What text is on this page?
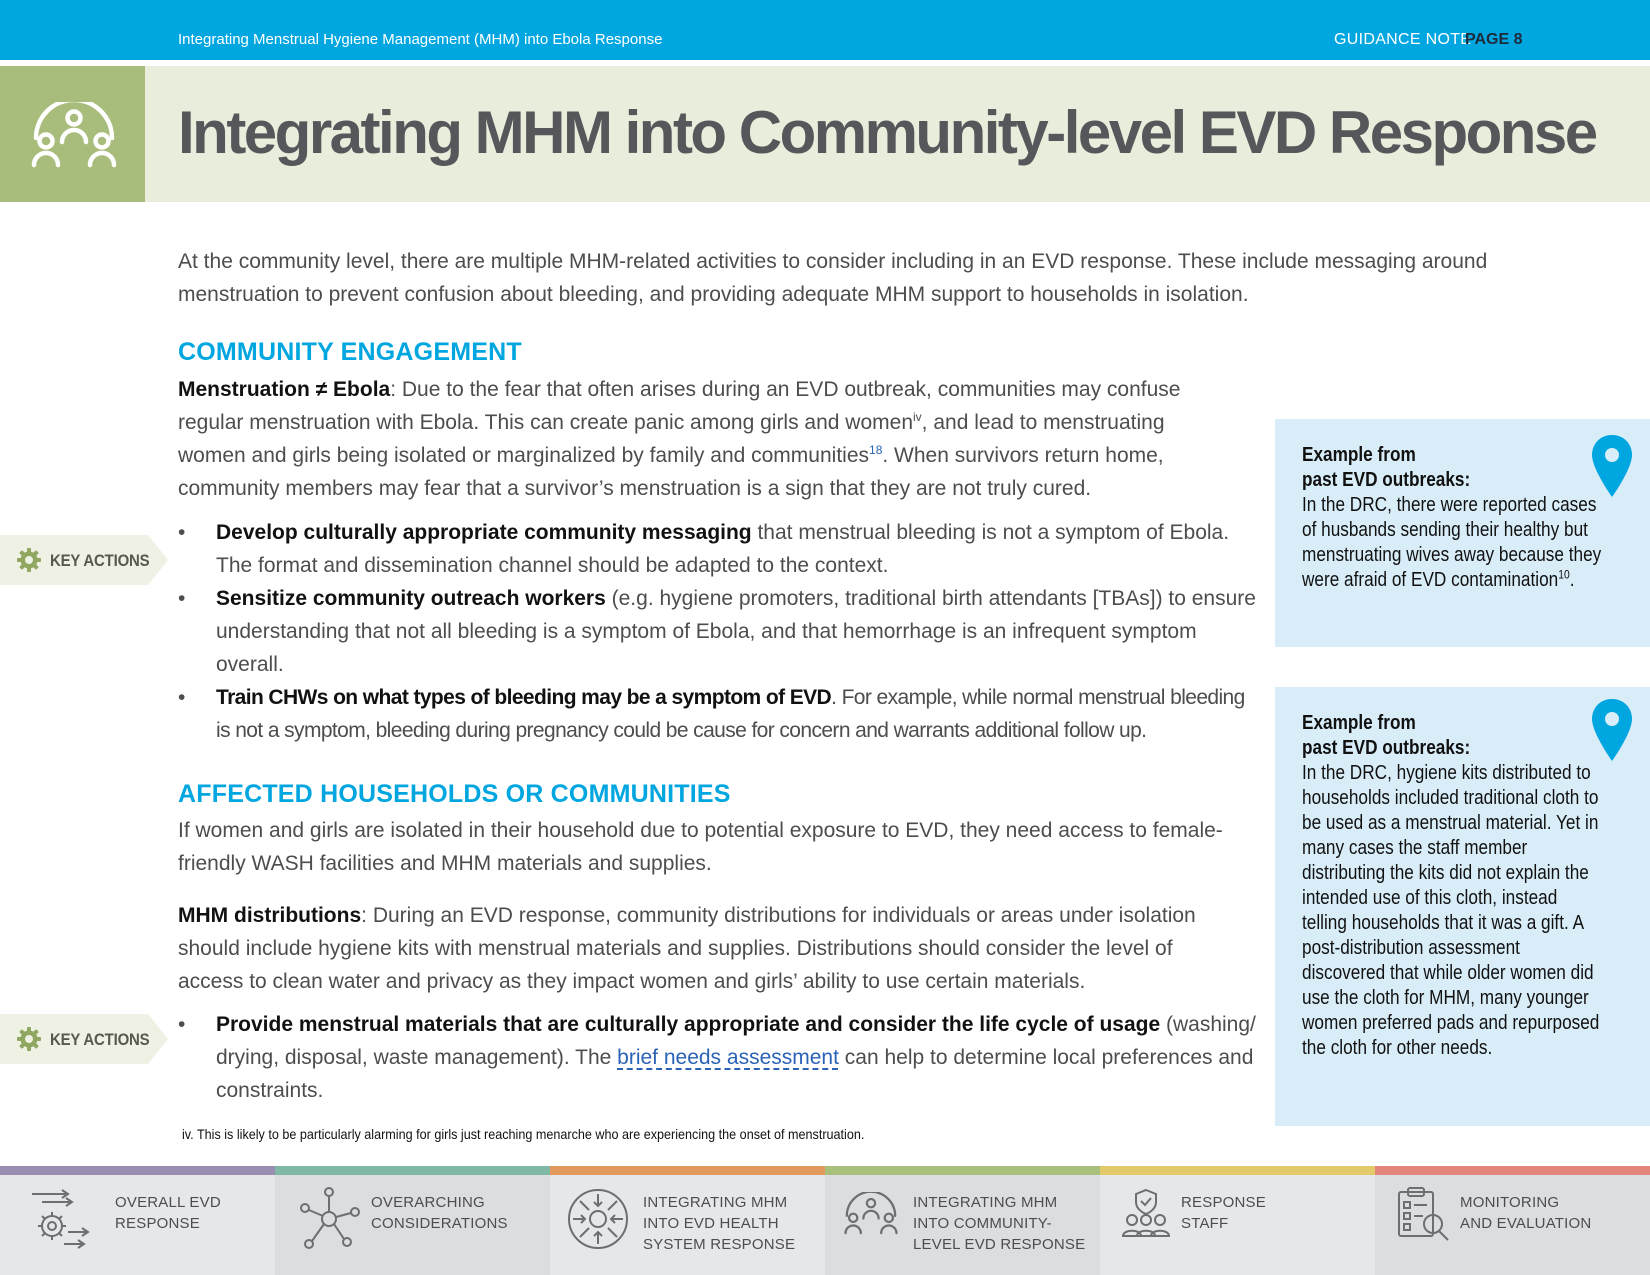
Integrating Menstrual Hygiene Management (MHM) into Ebola Response	GUIDANCE NOTE
PAGE 8
Integrating MHM into Community-level EVD Response

At the community level, there are multiple MHM-related activities to consider including in an EVD response. These include messaging around menstruation to prevent confusion about bleeding, and providing adequate MHM support to households in isolation.

COMMUNITY ENGAGEMENT

Menstruation ≠ Ebola: Due to the fear that often arises during an EVD outbreak, communities may confuse regular menstruation with Ebola. This can create panic among girls and women$^{iv}$, and lead to menstruating women and girls being isolated or marginalized by family and communities$^{18}$. When survivors return home, community members may fear that a survivor’s menstruation is a sign that they are not truly cured.

KEY ACTIONS
• Develop culturally appropriate community messaging that menstrual bleeding is not a symptom of Ebola. The format and dissemination channel should be adapted to the context.
• Sensitize community outreach workers (e.g. hygiene promoters, traditional birth attendants [TBAs]) to ensure understanding that not all bleeding is a symptom of Ebola, and that hemorrhage is an infrequent symptom overall.
• Train CHWs on what types of bleeding may be a symptom of EVD. For example, while normal menstrual bleeding is not a symptom, bleeding during pregnancy could be cause for concern and warrants additional follow up.
AFFECTED HOUSEHOLDS OR COMMUNITIES

If women and girls are isolated in their household due to potential exposure to EVD, they need access to female-friendly WASH facilities and MHM materials and supplies.

MHM distributions: During an EVD response, community distributions for individuals or areas under isolation should include hygiene kits with menstrual materials and supplies. Distributions should consider the level of access to clean water and privacy as they impact women and girls’ ability to use certain materials.

KEY ACTIONS
• Provide menstrual materials that are culturally appropriate and consider the life cycle of usage (washing/ drying, disposal, waste management). The brief needs assessment can help to determine local preferences and constraints.
Example from
past EVD outbreaks:
In the DRC, there were reported cases of husbands sending their healthy but menstruating wives away because they were afraid of EVD contamination$^{10}$.
Example from
past EVD outbreaks:
In the DRC, hygiene kits distributed to households included traditional cloth to be used as a menstrual material. Yet in many cases the staff member distributing the kits did not explain the intended use of this cloth, instead telling households that it was a gift. A post-distribution assessment discovered that while older women did use the cloth for MHM, many younger women preferred pads and repurposed the cloth for other needs.
iv. This is likely to be particularly alarming for girls just reaching menarche who are experiencing the onset of menstruation.
OVERALL EVD
RESPONSE
OVERARCHING
CONSIDERATIONS
INTEGRATING MHM
INTO EVD HEALTH
SYSTEM RESPONSE
INTEGRATING MHM
INTO COMMUNITY-
LEVEL EVD RESPONSE
RESPONSE
STAFF
MONITORING
AND EVALUATION
